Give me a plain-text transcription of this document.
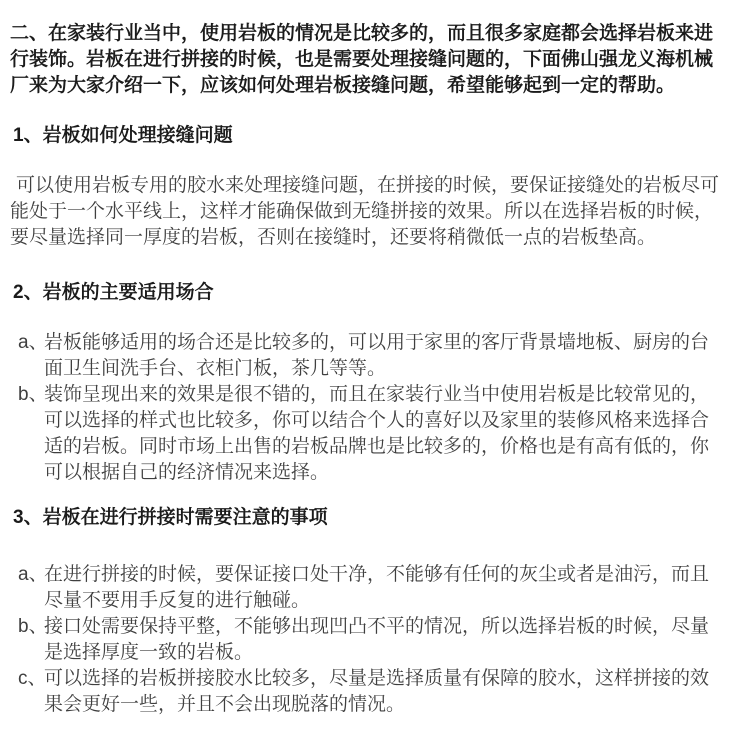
二、在家装行业当中，使用岩板的情况是比较多的，而且很多家庭都会选择岩板来进行装饰。岩板在进行拼接的时候，也是需要处理接缝问题的，下面佛山强龙义海机械厂来为大家介绍一下，应该如何处理岩板接缝问题，希望能够起到一定的帮助。

1、岩板如何处理接缝问题

可以使用岩板专用的胶水来处理接缝问题，在拼接的时候，要保证接缝处的岩板尽可能处于一个水平线上，这样才能确保做到无缝拼接的效果。所以在选择岩板的时候，要尽量选择同一厚度的岩板，否则在接缝时，还要将稍微低一点的岩板垫高。

2、岩板的主要适用场合
a、
岩板能够适用的场合还是比较多的，可以用于家里的客厅背景墙地板、厨房的台面卫生间洗手台、衣柜门板，茶几等等。
b、
装饰呈现出来的效果是很不错的，而且在家装行业当中使用岩板是比较常见的，可以选择的样式也比较多，你可以结合个人的喜好以及家里的装修风格来选择合适的岩板。同时市场上出售的岩板品牌也是比较多的，价格也是有高有低的，你可以根据自己的经济情况来选择。
3、岩板在进行拼接时需要注意的事项
a、
在进行拼接的时候，要保证接口处干净，不能够有任何的灰尘或者是油污，而且尽量不要用手反复的进行触碰。
b、
接口处需要保持平整，不能够出现凹凸不平的情况，所以选择岩板的时候，尽量是选择厚度一致的岩板。
c、
可以选择的岩板拼接胶水比较多，尽量是选择质量有保障的胶水，这样拼接的效果会更好一些，并且不会出现脱落的情况。
